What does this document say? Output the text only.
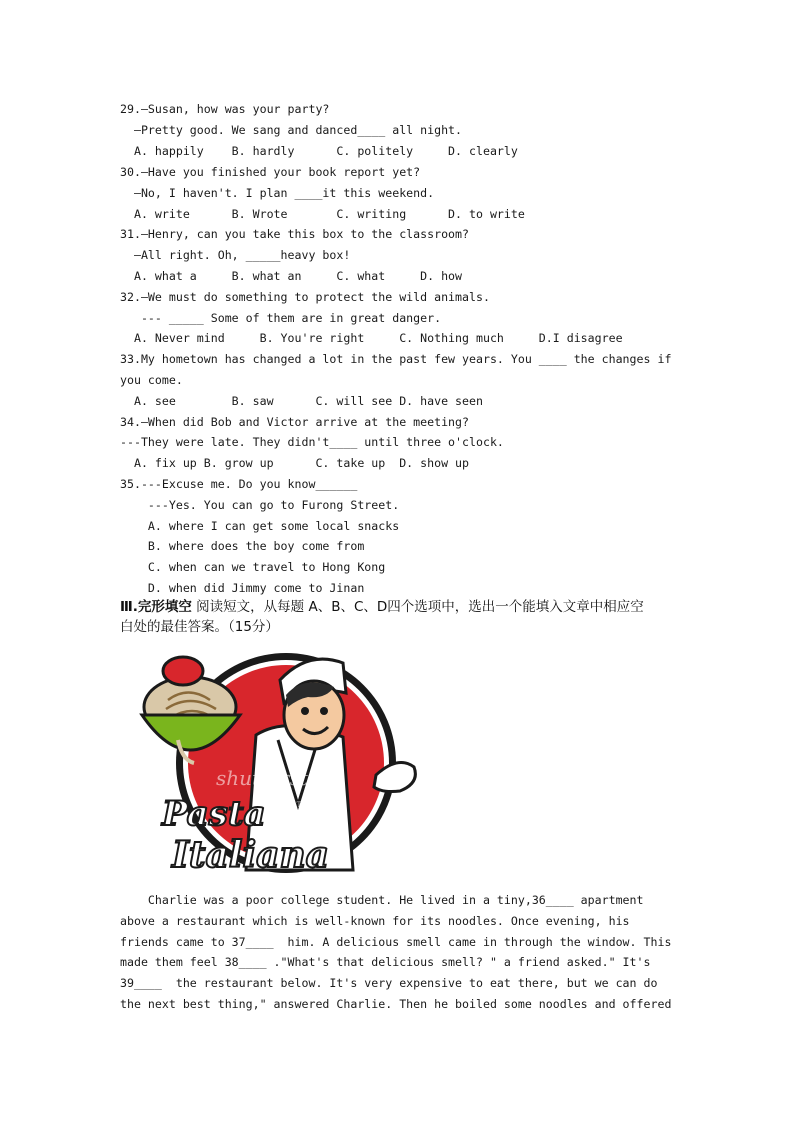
29.—Susan, how was your party?
—Pretty good. We sang and danced____ all night.
A. happily    B. hardly      C. politely     D. clearly
30.—Have you finished your book report yet?
—No, I haven't. I plan ____it this weekend.
A. write      B. Wrote       C. writing      D. to write
31.—Henry, can you take this box to the classroom?
—All right. Oh, _____heavy box!
A. what a     B. what an     C. what     D. how
32.—We must do something to protect the wild animals.
--- _____ Some of them are in great danger.
A. Never mind     B. You're right     C. Nothing much     D.I disagree
33.My hometown has changed a lot in the past few years. You ____ the changes if
you come.
A. see        B. saw      C. will see D. have seen
34.—When did Bob and Victor arrive at the meeting?
---They were late. They didn't____ until three o'clock.
A. fix up B. grow up      C. take up  D. show up
35.---Excuse me. Do you know______
---Yes. You can go to Furong Street.
A. where I can get some local snacks
B. where does the boy come from
C. when can we travel to Hong Kong
D. when did Jimmy come to Jinan
Ⅲ.完形填空 阅读短文，从每题 A、B、C、D四个选项中，选出一个能填入文章中相应空
白处的最佳答案。（15分）
shutterstock
by Thomas Hopfl
Pasta
Italiana
Charlie was a poor college student. He lived in a tiny,36____ apartment
above a restaurant which is well-known for its noodles. Once evening, his
friends came to 37____  him. A delicious smell came in through the window. This
made them feel 38____ ."What's that delicious smell? " a friend asked." It's
39____  the restaurant below. It's very expensive to eat there, but we can do
the next best thing," answered Charlie. Then he boiled some noodles and offered
